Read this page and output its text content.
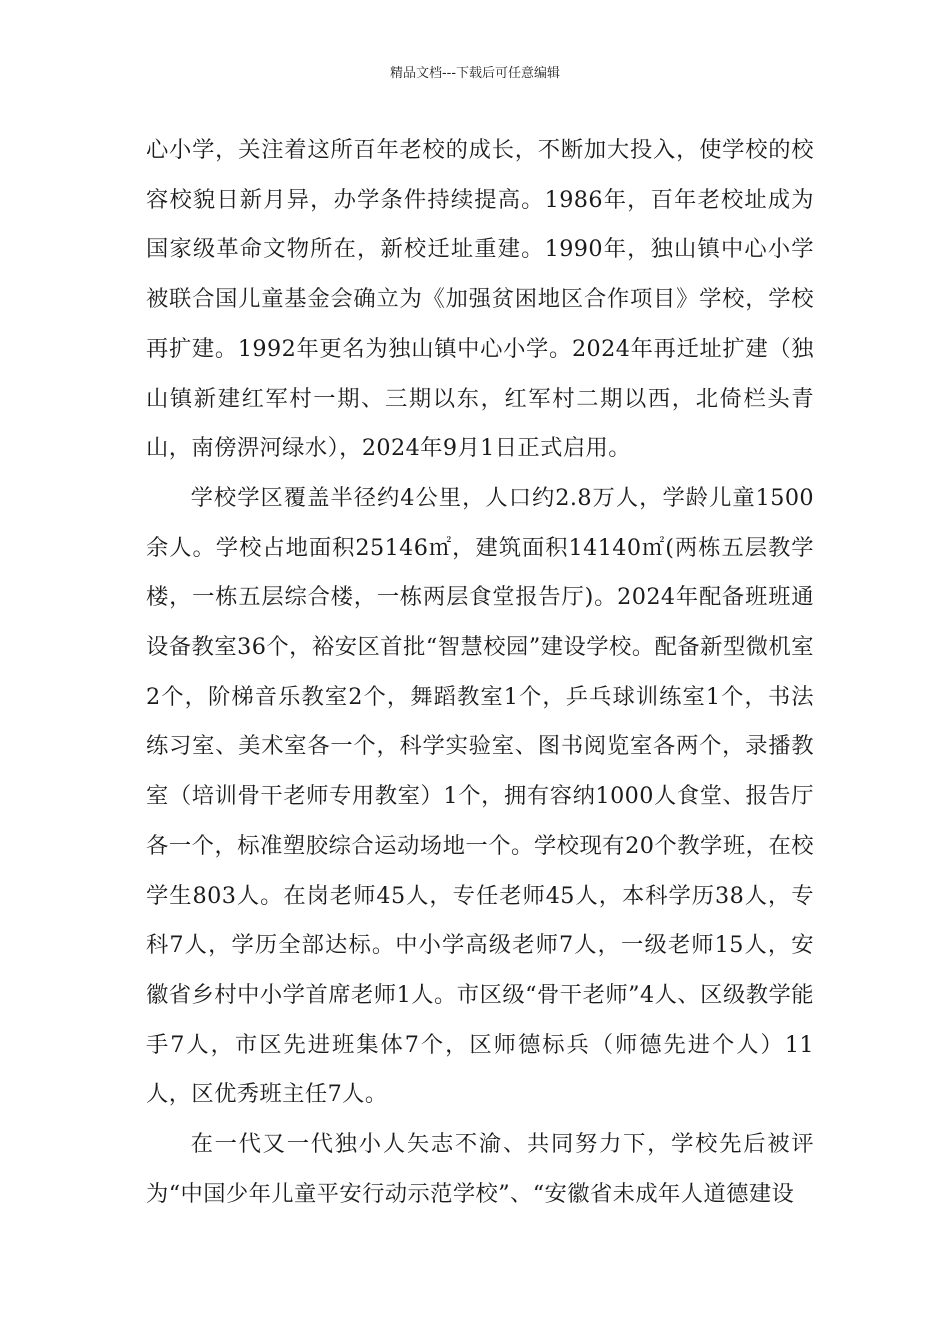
精品文档---下载后可任意编辑

心小学，关注着这所百年老校的成长，不断加大投入，使学校的校容校貌日新月异，办学条件持续提高。1986年，百年老校址成为国家级革命文物所在，新校迁址重建。1990年，独山镇中心小学被联合国儿童基金会确立为《加强贫困地区合作项目》学校，学校再扩建。1992年更名为独山镇中心小学。2024年再迁址扩建（独山镇新建红军村一期、三期以东，红军村二期以西，北倚栏头青山，南傍淠河绿水），2024年9月1日正式启用。

学校学区覆盖半径约4公里，人口约2.8万人，学龄儿童1500余人。学校占地面积25146㎡，建筑面积14140㎡(两栋五层教学楼，一栋五层综合楼，一栋两层食堂报告厅)。2024年配备班班通设备教室36个，裕安区首批“智慧校园”建设学校。配备新型微机室2个，阶梯音乐教室2个，舞蹈教室1个，乒乓球训练室1个，书法练习室、美术室各一个，科学实验室、图书阅览室各两个，录播教室（培训骨干老师专用教室）1个，拥有容纳1000人食堂、报告厅各一个，标准塑胶综合运动场地一个。学校现有20个教学班，在校学生803人。在岗老师45人，专任老师45人，本科学历38人，专科7人，学历全部达标。中小学高级老师7人，一级老师15人，安徽省乡村中小学首席老师1人。市区级“骨干老师”4人、区级教学能手7人，市区先进班集体7个，区师德标兵（师德先进个人）11人，区优秀班主任7人。

在一代又一代独小人矢志不渝、共同努力下，学校先后被评为“中国少年儿童平安行动示范学校”、“安徽省未成年人道德建设
